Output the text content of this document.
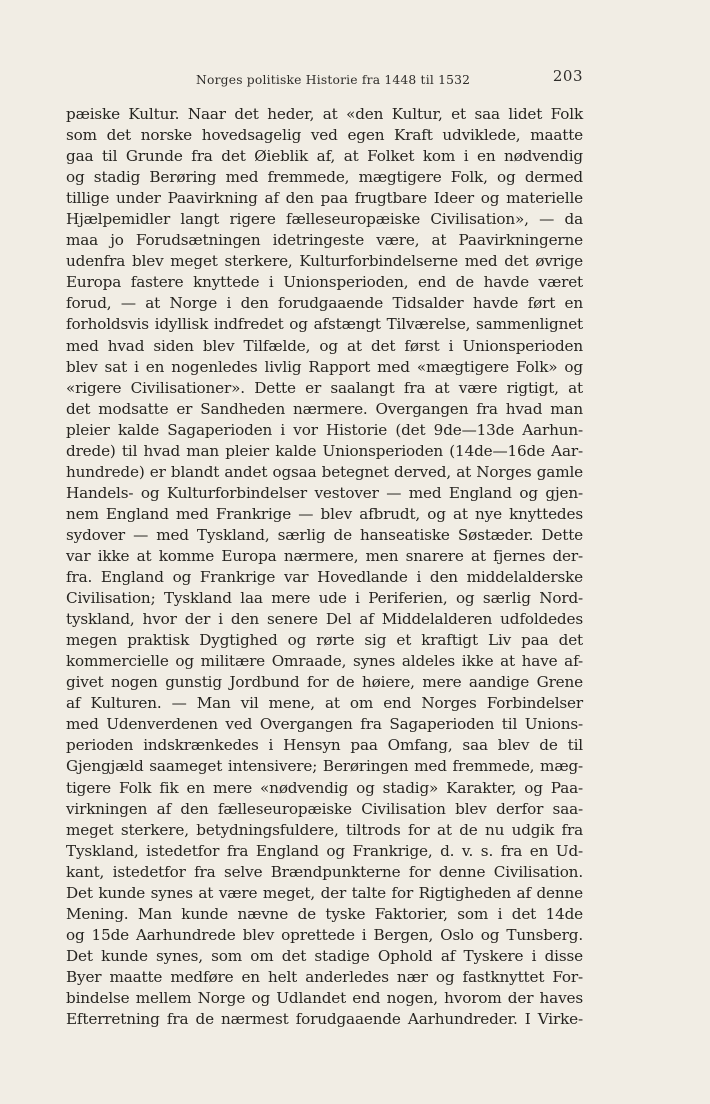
Norges politiske Historie fra 1448 til 1532	203
pæiske Kultur. Naar det heder, at «den Kultur, et saa lidet Folk
som det norske hovedsagelig ved egen Kraft udviklede, maatte
gaa til Grunde fra det Øieblik af, at Folket kom i en nødvendig
og stadig Berøring med fremmede, mægtigere Folk, og dermed
tillige under Paavirkning af den paa frugtbare Ideer og materielle
Hjælpemidler langt rigere fælleseuropæiske Civilisation», — da
maa jo Forudsætningen idetringeste være, at Paavirkningerne
udenfra blev meget sterkere, Kulturforbindelserne med det øvrige
Europa fastere knyttede i Unionsperioden, end de havde været
forud, — at Norge i den forudgaaende Tidsalder havde ført en
forholdsvis idyllisk indfredet og afstængt Tilværelse, sammenlignet
med hvad siden blev Tilfælde, og at det først i Unionsperioden
blev sat i en nogenledes livlig Rapport med «mægtigere Folk» og
«rigere Civilisationer». Dette er saalangt fra at være rigtigt, at
det modsatte er Sandheden nærmere. Overgangen fra hvad man
pleier kalde Sagaperioden i vor Historie (det 9de—13de Aarhun-
drede) til hvad man pleier kalde Unionsperioden (14de—16de Aar-
hundrede) er blandt andet ogsaa betegnet derved, at Norges gamle
Handels- og Kulturforbindelser vestover — med England og gjen-
nem England med Frankrige — blev afbrudt, og at nye knyttedes
sydover — med Tyskland, særlig de hanseatiske Søstæder. Dette
var ikke at komme Europa nærmere, men snarere at fjernes der-
fra. England og Frankrige var Hovedlande i den middelalderske
Civilisation; Tyskland laa mere ude i Periferien, og særlig Nord-
tyskland, hvor der i den senere Del af Middelalderen udfoldedes
megen praktisk Dygtighed og rørte sig et kraftigt Liv paa det
kommercielle og militære Omraade, synes aldeles ikke at have af-
givet nogen gunstig Jordbund for de høiere, mere aandige Grene
af Kulturen. — Man vil mene, at om end Norges Forbindelser
med Udenverdenen ved Overgangen fra Sagaperioden til Unions-
perioden indskrænkedes i Hensyn paa Omfang, saa blev de til
Gjengjæld saameget intensivere; Berøringen med fremmede, mæg-
tigere Folk fik en mere «nødvendig og stadig» Karakter, og Paa-
virkningen af den fælleseuropæiske Civilisation blev derfor saa-
meget sterkere, betydningsfuldere, tiltrods for at de nu udgik fra
Tyskland, istedetfor fra England og Frankrige, d. v. s. fra en Ud-
kant, istedetfor fra selve Brændpunkterne for denne Civilisation.
Det kunde synes at være meget, der talte for Rigtigheden af denne
Mening. Man kunde nævne de tyske Faktorier, som i det 14de
og 15de Aarhundrede blev oprettede i Bergen, Oslo og Tunsberg.
Det kunde synes, som om det stadige Ophold af Tyskere i disse
Byer maatte medføre en helt anderledes nær og fastknyttet For-
bindelse mellem Norge og Udlandet end nogen, hvorom der haves
Efterretning fra de nærmest forudgaaende Aarhundreder. I Virke-
